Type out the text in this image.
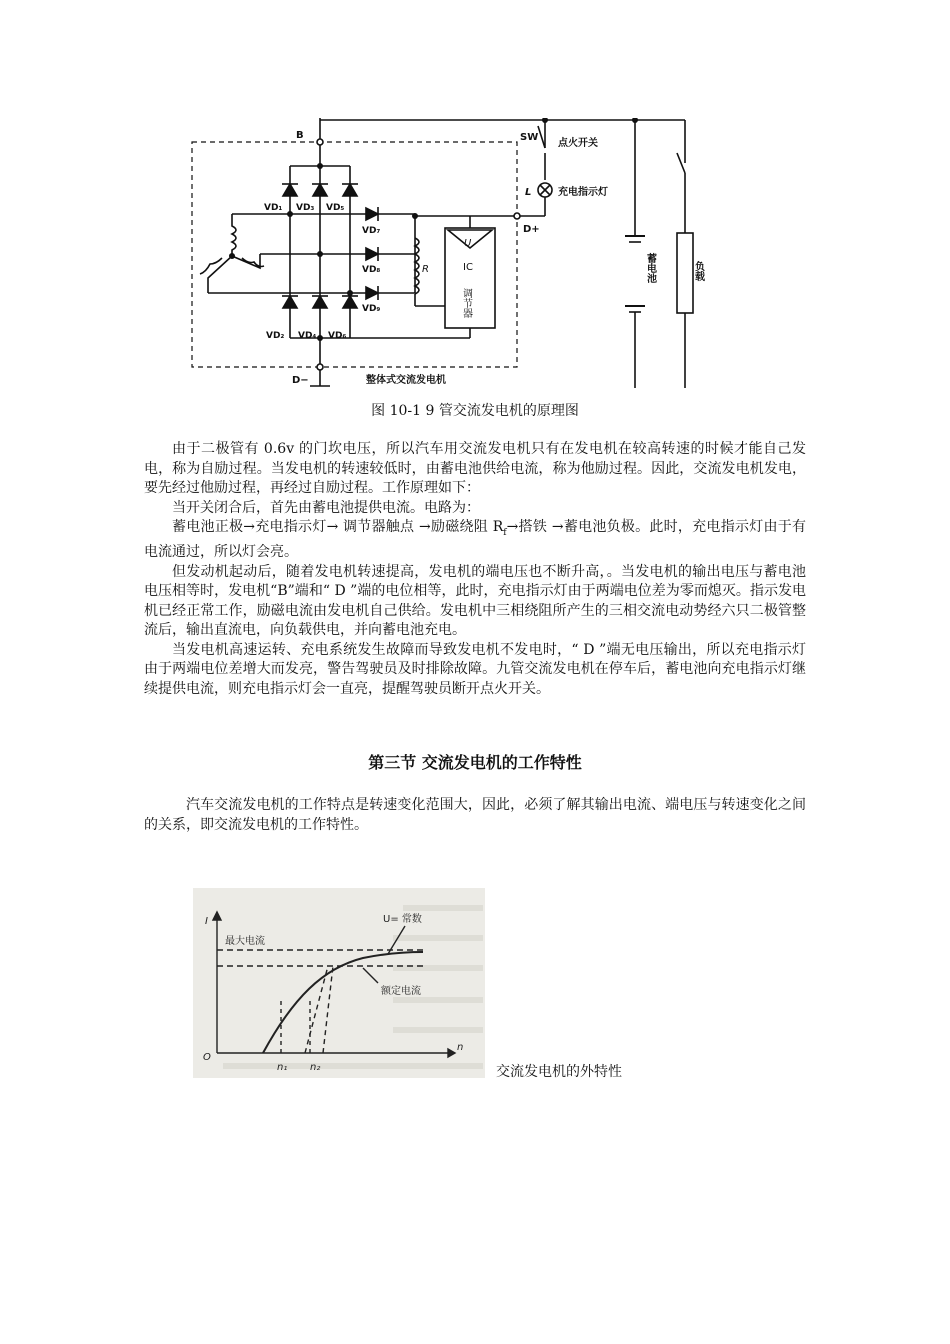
B	SW
点火开关
L	充电指示灯
D+
D−
VD₁ VD₃ VD₅
VD₇
VD₈
VD₉
VD₂ VD₄ VD₆
R
U
IC
调节器
蓄电池	负载
整体式交流发电机
图 10-1 9 管交流发电机的原理图

由于二极管有 0.6v 的门坎电压，所以汽车用交流发电机只有在发电机在较高转速的时候才能自己发电，称为自励过程。当发电机的转速较低时，由蓄电池供给电流，称为他励过程。因此，交流发电机发电，要先经过他励过程，再经过自励过程。工作原理如下：

当开关闭合后，首先由蓄电池提供电流。电路为：

蓄电池正极→充电指示灯→ 调节器触点 →励磁绕阻 $R_f\to$搭铁 →蓄电池负极。此时，充电指示灯由于有电流通过，所以灯会亮。

但发动机起动后，随着发电机转速提高，发电机的端电压也不断升高，。当发电机的输出电压与蓄电池电压相等时，发电机“B”端和“ D ”端的电位相等，此时，充电指示灯由于两端电位差为零而熄灭。指示发电机已经正常工作，励磁电流由发电机自己供给。发电机中三相绕阻所产生的三相交流电动势经六只二极管整流后，输出直流电，向负载供电，并向蓄电池充电。

当发电机高速运转、充电系统发生故障而导致发电机不发电时，“ D ”端无电压输出，所以充电指示灯由于两端电位差增大而发亮，警告驾驶员及时排除故障。九管交流发电机在停车后，蓄电池向充电指示灯继续提供电流，则充电指示灯会一直亮，提醒驾驶员断开点火开关。

第三节 交流发电机的工作特性

汽车交流发电机的工作特点是转速变化范围大，因此，必须了解其输出电流、端电压与转速变化之间的关系，即交流发电机的工作特性。

I
n
O
最大电流
U= 常数
额定电流
n₁ n₂	交流发电机的外特性
